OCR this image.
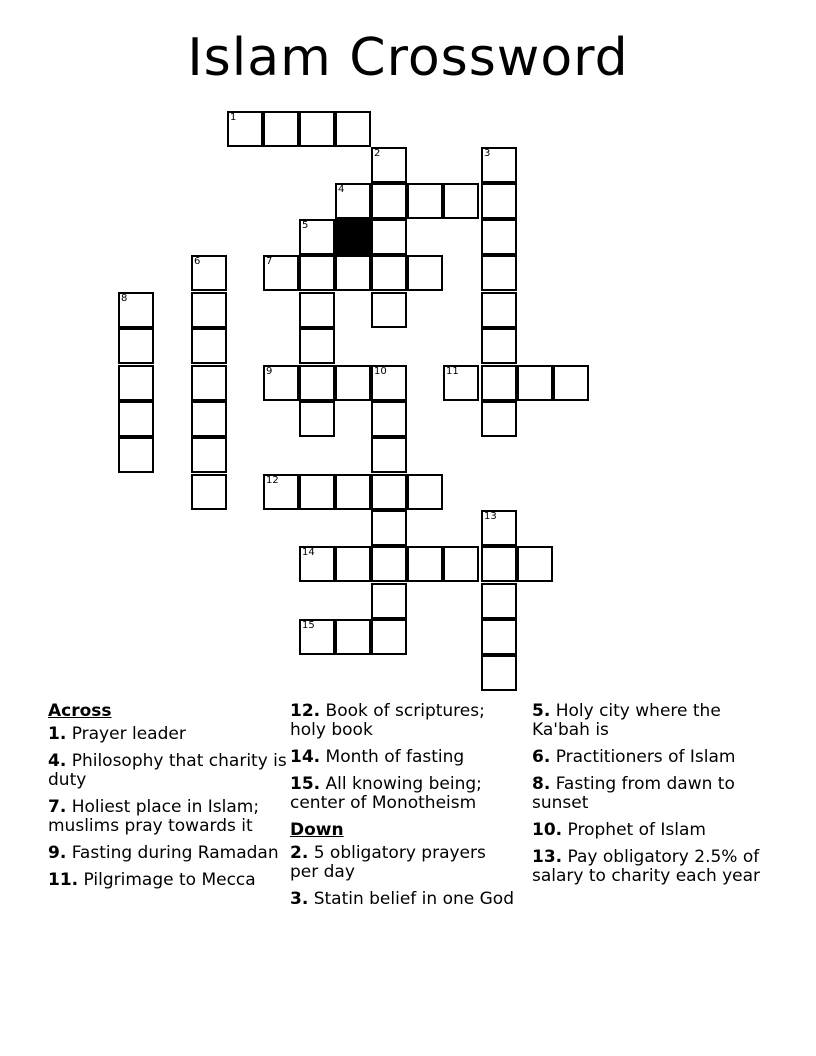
Islam Crossword
1
2	3
4
5
6	7
8
9	10	11
12
13
14
15
Across
1. Prayer leader
4. Philosophy that charity is duty
7. Holiest place in Islam; muslims pray towards it
9. Fasting during Ramadan
11. Pilgrimage to Mecca
12. Book of scriptures; holy book
14. Month of fasting
15. All knowing being; center of Monotheism
Down
2. 5 obligatory prayers per day
3. Statin belief in one God
5. Holy city where the Ka'bah is
6. Practitioners of Islam
8. Fasting from dawn to sunset
10. Prophet of Islam
13. Pay obligatory 2.5% of salary to charity each year
